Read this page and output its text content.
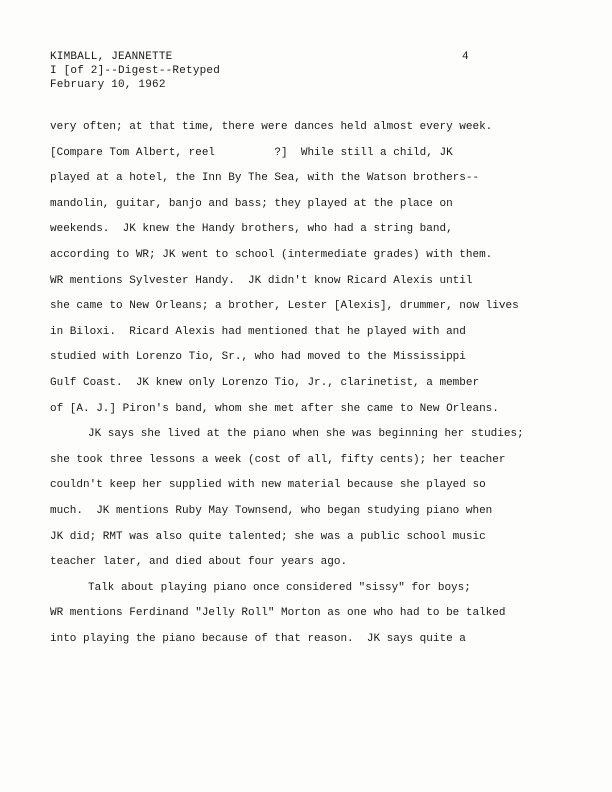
KIMBALL, JEANNETTE
I [of 2]--Digest--Retyped
February 10, 1962
4
very often; at that time, there were dances held almost every week.
[Compare Tom Albert, reel         ?]  While still a child, JK
played at a hotel, the Inn By The Sea, with the Watson brothers--
mandolin, guitar, banjo and bass; they played at the place on
weekends.  JK knew the Handy brothers, who had a string band,
according to WR; JK went to school (intermediate grades) with them.
WR mentions Sylvester Handy.  JK didn't know Ricard Alexis until
she came to New Orleans; a brother, Lester [Alexis], drummer, now lives
in Biloxi.  Ricard Alexis had mentioned that he played with and
studied with Lorenzo Tio, Sr., who had moved to the Mississippi
Gulf Coast.  JK knew only Lorenzo Tio, Jr., clarinetist, a member
of [A. J.] Piron's band, whom she met after she came to New Orleans.
JK says she lived at the piano when she was beginning her studies;
she took three lessons a week (cost of all, fifty cents); her teacher
couldn't keep her supplied with new material because she played so
much.  JK mentions Ruby May Townsend, who began studying piano when
JK did; RMT was also quite talented; she was a public school music
teacher later, and died about four years ago.
Talk about playing piano once considered "sissy" for boys;
WR mentions Ferdinand "Jelly Roll" Morton as one who had to be talked
into playing the piano because of that reason.  JK says quite a
